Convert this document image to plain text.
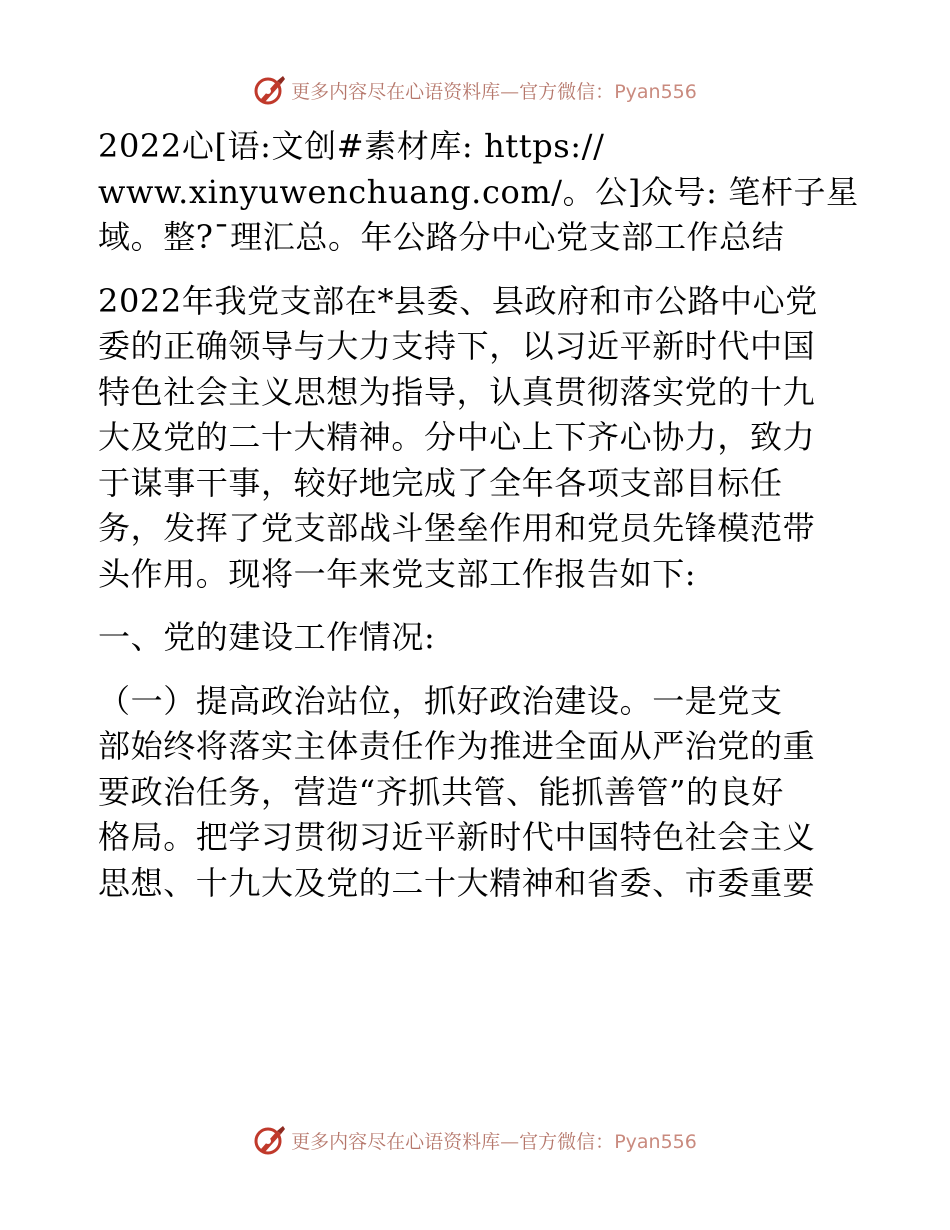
更多内容尽在心语资料库—官方微信：Pyan556
2022心[语:文创#素材库: https://
www.xinyuwenchuang.com/。公]众号: 笔杆子星
域。整?¯理汇总。年公路分中心党支部工作总结
2022年我党支部在*县委、县政府和市公路中心党
委的正确领导与大力支持下，以习近平新时代中国
特色社会主义思想为指导，认真贯彻落实党的十九
大及党的二十大精神。分中心上下齐心协力，致力
于谋事干事，较好地完成了全年各项支部目标任
务，发挥了党支部战斗堡垒作用和党员先锋模范带
头作用。现将一年来党支部工作报告如下:
一、党的建设工作情况:
（一）提高政治站位，抓好政治建设。一是党支
部始终将落实主体责任作为推进全面从严治党的重
要政治任务，营造“齐抓共管、能抓善管”的良好
格局。把学习贯彻习近平新时代中国特色社会主义
思想、十九大及党的二十大精神和省委、市委重要
更多内容尽在心语资料库—官方微信：Pyan556
